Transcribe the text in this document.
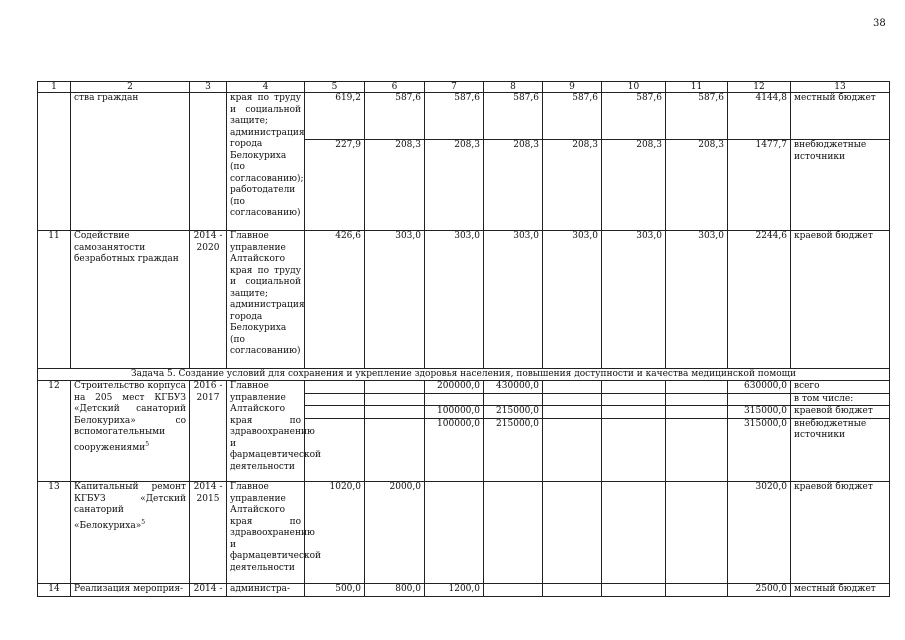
38
1	2	3	4	5	6	7	8	9	10	11	12	13
	ства граждан		края по труду и социальной защите; администрация города Белокуриха (по согласованию); работодатели (по согласованию)	619,2	587,6	587,6	587,6	587,6	587,6	587,6	4144,8	местный бюджет
				227,9	208,3	208,3	208,3	208,3	208,3	208,3	1477,7	внебюджетные источники
11	Содействие самозанятости безработных граждан	2014 - 2020	Главное управление Алтайского края по труду и социальной защите; администрация города Белокуриха (по согласованию)	426,6	303,0	303,0	303,0	303,0	303,0	303,0	2244,6	краевой бюджет
Задача 5. Создание условий для сохранения и укрепление здоровья населения, повышения доступности и качества медицинской помощи												
12	Строительство корпуса на 205 мест КГБУЗ «Детский санаторий Белокуриха» со вспомогательными сооружениями$^5$	2016 - 2017	Главное управление Алтайского края по здравоохранению и фармацевтической деятельности			200000,0	430000,0				630000,0	всего
												в том числе:
						100000,0	215000,0				315000,0	краевой бюджет
						100000,0	215000,0				315000,0	внебюджетные источники
13	Капитальный ремонт КГБУЗ «Детский санаторий «Белокуриха»$^5$	2014 - 2015	Главное управление Алтайского края по здравоохранению и фармацевтической деятельности	1020,0	2000,0						3020,0	краевой бюджет
14	Реализация мероприя-	2014 -	администра-	500,0	800,0	1200,0					2500,0	местный бюджет
